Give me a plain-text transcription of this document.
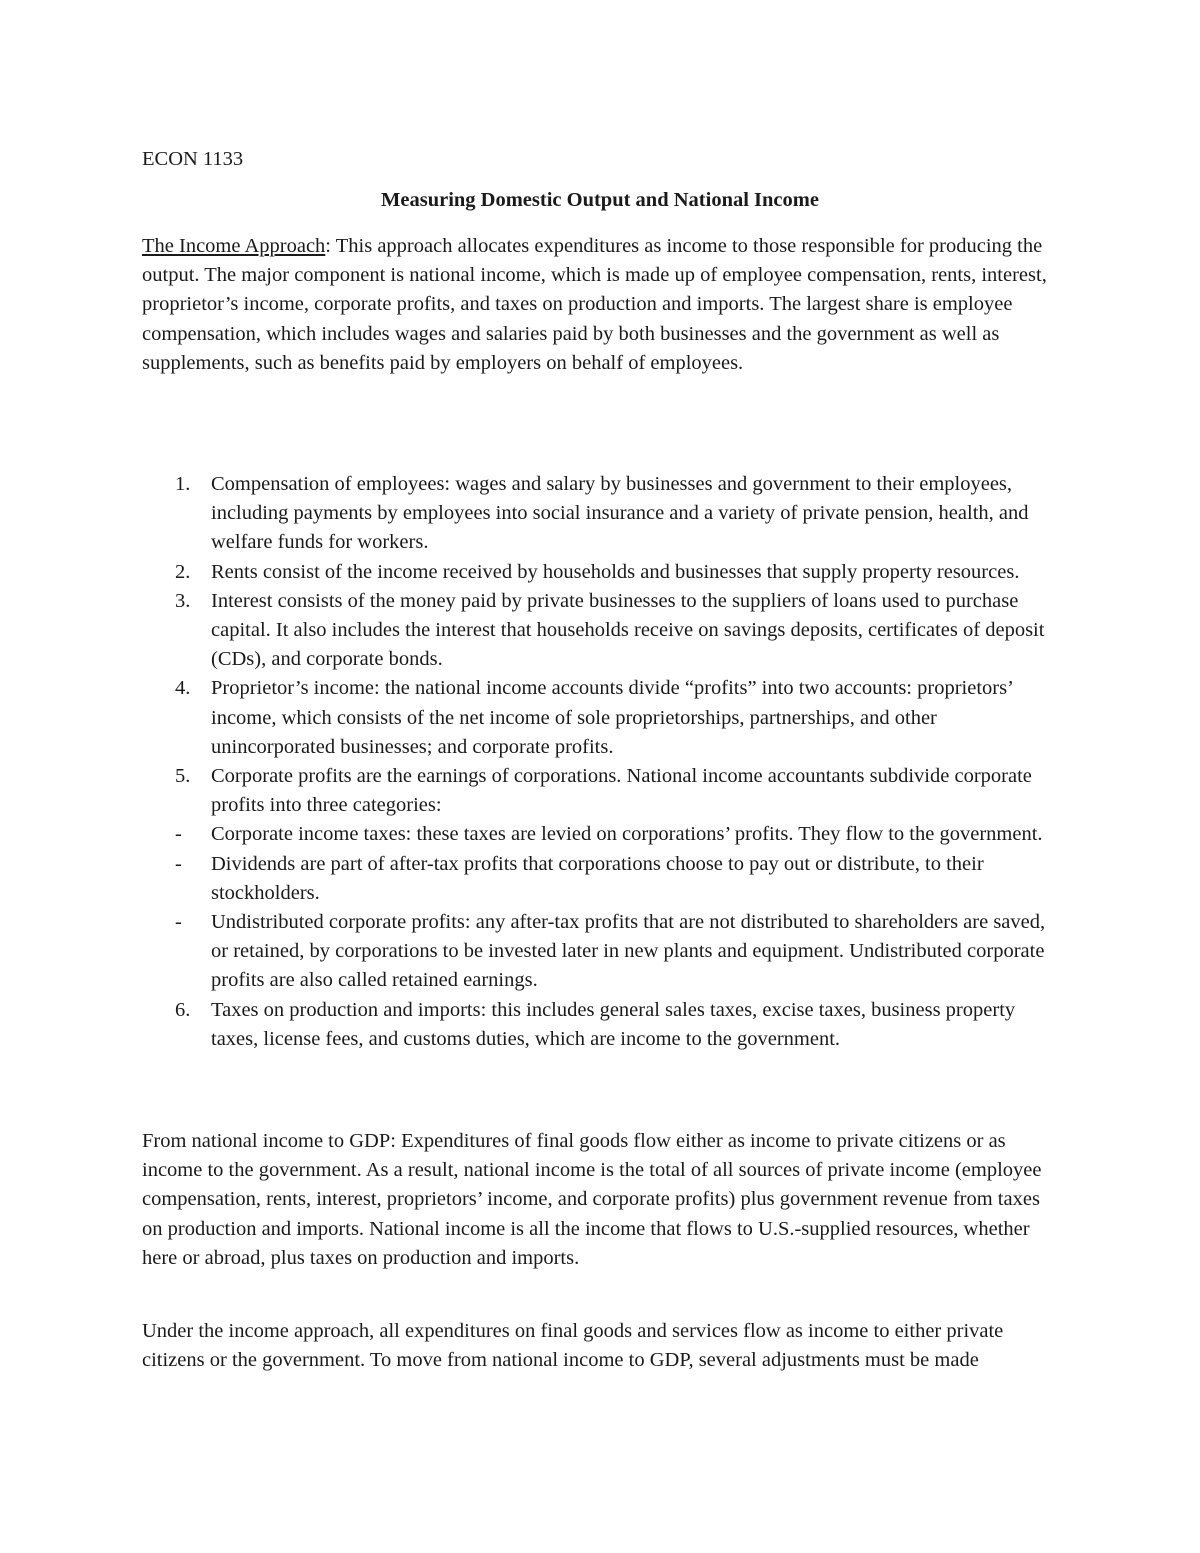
ECON 1133

Measuring Domestic Output and National Income

The Income Approach: This approach allocates expenditures as income to those responsible for producing the output. The major component is national income, which is made up of employee compensation, rents, interest, proprietor’s income, corporate profits, and taxes on production and imports. The largest share is employee compensation, which includes wages and salaries paid by both businesses and the government as well as supplements, such as benefits paid by employers on behalf of employees.

1. Compensation of employees: wages and salary by businesses and government to their employees, including payments by employees into social insurance and a variety of private pension, health, and welfare funds for workers.
2. Rents consist of the income received by households and businesses that supply property resources.
3. Interest consists of the money paid by private businesses to the suppliers of loans used to purchase capital. It also includes the interest that households receive on savings deposits, certificates of deposit (CDs), and corporate bonds.
4. Proprietor’s income: the national income accounts divide “profits” into two accounts: proprietors’ income, which consists of the net income of sole proprietorships, partnerships, and other unincorporated businesses; and corporate profits.
5. Corporate profits are the earnings of corporations. National income accountants subdivide corporate profits into three categories:
- Corporate income taxes: these taxes are levied on corporations’ profits. They flow to the government.
- Dividends are part of after-tax profits that corporations choose to pay out or distribute, to their stockholders.
- Undistributed corporate profits: any after-tax profits that are not distributed to shareholders are saved, or retained, by corporations to be invested later in new plants and equipment. Undistributed corporate profits are also called retained earnings.
6. Taxes on production and imports: this includes general sales taxes, excise taxes, business property taxes, license fees, and customs duties, which are income to the government.

From national income to GDP: Expenditures of final goods flow either as income to private citizens or as income to the government. As a result, national income is the total of all sources of private income (employee compensation, rents, interest, proprietors’ income, and corporate profits) plus government revenue from taxes on production and imports. National income is all the income that flows to U.S.-supplied resources, whether here or abroad, plus taxes on production and imports.

Under the income approach, all expenditures on final goods and services flow as income to either private citizens or the government. To move from national income to GDP, several adjustments must be made
